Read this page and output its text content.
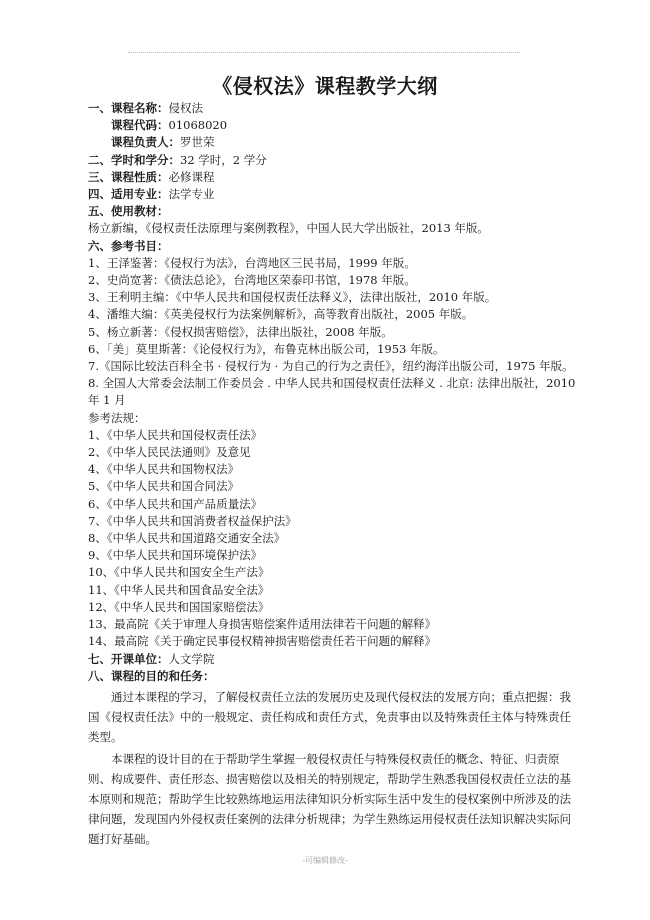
《侵权法》课程教学大纲
一、课程名称：侵权法
课程代码：01068020
课程负责人：罗世荣
二、学时和学分：32 学时，2 学分
三、课程性质：必修课程
四、适用专业：法学专业
五、使用教材：
杨立新编，《侵权责任法原理与案例教程》，中国人民大学出版社，2013 年版。
六、参考书目：
1、王泽鉴著：《侵权行为法》，台湾地区三民书局，1999 年版。
2、史尚宽著：《债法总论》，台湾地区荣泰印书馆，1978 年版。
3、王利明主编：《中华人民共和国侵权责任法释义》，法律出版社，2010 年版。
4、潘维大编：《英美侵权行为法案例解析》，高等教育出版社，2005 年版。
5、杨立新著：《侵权损害赔偿》，法律出版社，2008 年版。
6、「美」莫里斯著：《论侵权行为》，布鲁克林出版公司，1953 年版。
7.《国际比较法百科全书 · 侵权行为 · 为自己的行为之责任》，纽约海洋出版公司，1975 年版。
8. 全国人大常委会法制工作委员会 . 中华人民共和国侵权责任法释义 . 北京: 法律出版社，2010
年 1 月
参考法规：
1、《中华人民共和国侵权责任法》
2、《中华人民民法通则》及意见
4、《中华人民共和国物权法》
5、《中华人民共和国合同法》
6、《中华人民共和国产品质量法》
7、《中华人民共和国消费者权益保护法》
8、《中华人民共和国道路交通安全法》
9、《中华人民共和国环境保护法》
10、《中华人民共和国安全生产法》
11、《中华人民共和国食品安全法》
12、《中华人民共和国国家赔偿法》
13、最高院《关于审理人身损害赔偿案件适用法律若干问题的解释》
14、最高院《关于确定民事侵权精神损害赔偿责任若干问题的解释》
七、开课单位：人文学院
八、课程的目的和任务：
通过本课程的学习，了解侵权责任立法的发展历史及现代侵权法的发展方向；重点把握：我国《侵权责任法》中的一般规定、责任构成和责任方式，免责事由以及特殊责任主体与特殊责任类型。
本课程的设计目的在于帮助学生掌握一般侵权责任与特殊侵权责任的概念、特征、归责原则、构成要件、责任形态、损害赔偿以及相关的特别规定，帮助学生熟悉我国侵权责任立法的基本原则和规范；帮助学生比较熟练地运用法律知识分析实际生活中发生的侵权案例中所涉及的法律问题，发现国内外侵权责任案例的法律分析规律；为学生熟练运用侵权责任法知识解决实际问题打好基础。
-可编辑修改-
